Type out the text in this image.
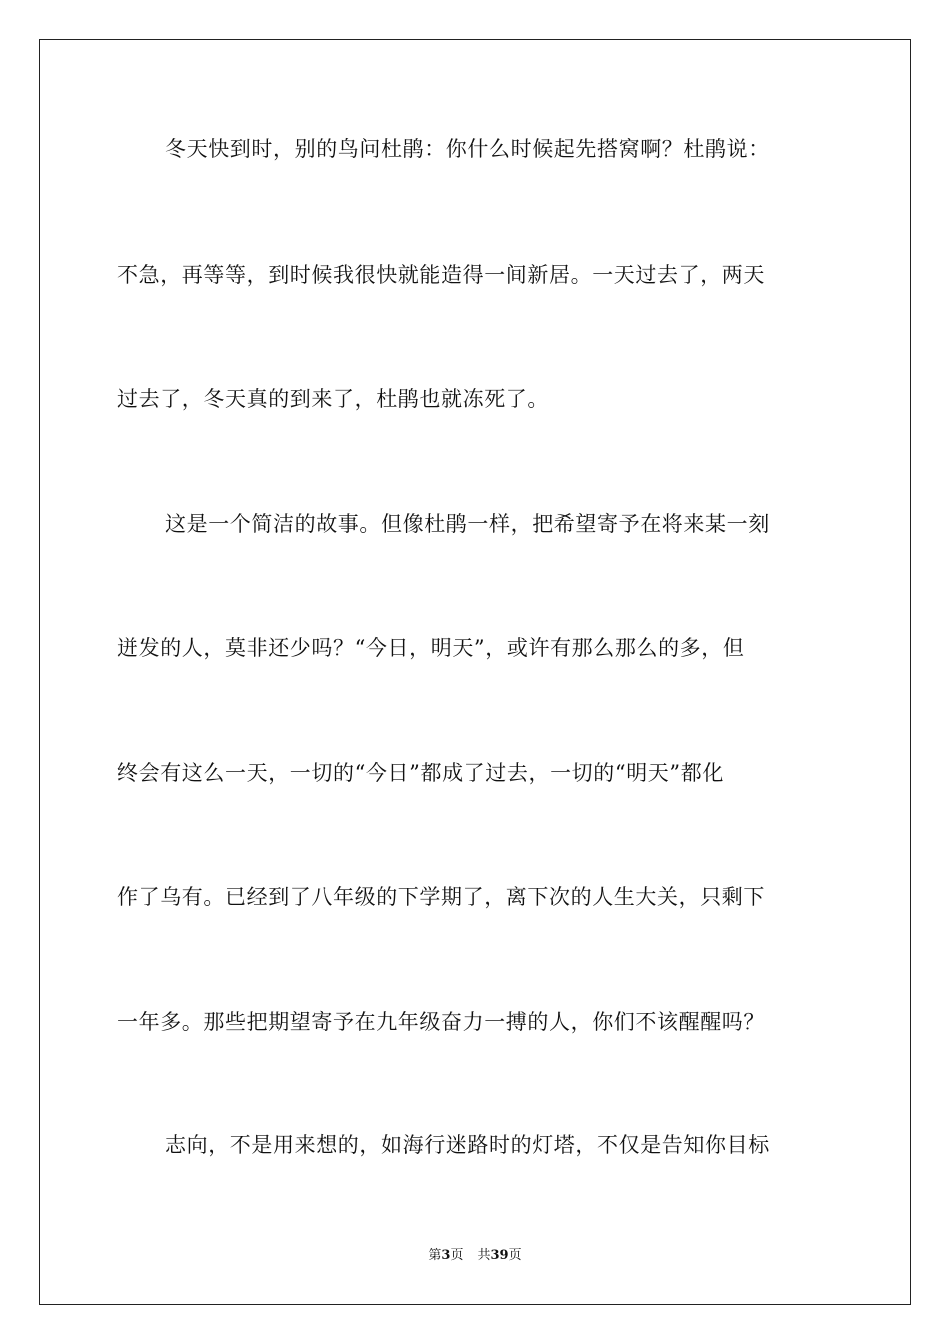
冬天快到时，别的鸟问杜鹃：你什么时候起先搭窝啊？杜鹃说：
不急，再等等，到时候我很快就能造得一间新居。一天过去了，两天
过去了，冬天真的到来了，杜鹃也就冻死了。
这是一个简洁的故事。但像杜鹃一样，把希望寄予在将来某一刻
迸发的人，莫非还少吗？“今日，明天”，或许有那么那么的多，但
终会有这么一天，一切的“今日”都成了过去，一切的“明天”都化
作了乌有。已经到了八年级的下学期了，离下次的人生大关，只剩下
一年多。那些把期望寄予在九年级奋力一搏的人，你们不该醒醒吗？
志向，不是用来想的，如海行迷路时的灯塔，不仅是告知你目标
第3页 共39页
